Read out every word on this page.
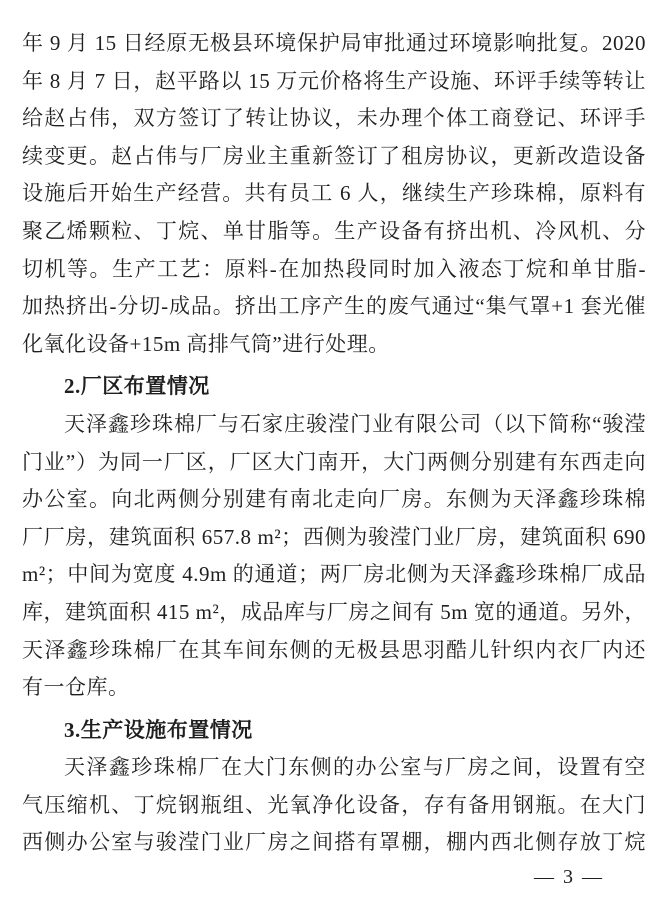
年 9 月 15 日经原无极县环境保护局审批通过环境影响批复。2020
年 8 月 7 日，赵平路以 15 万元价格将生产设施、环评手续等转让
给赵占伟，双方签订了转让协议，未办理个体工商登记、环评手
续变更。赵占伟与厂房业主重新签订了租房协议，更新改造设备
设施后开始生产经营。共有员工 6 人，继续生产珍珠棉，原料有
聚乙烯颗粒、丁烷、单甘脂等。生产设备有挤出机、冷风机、分
切机等。生产工艺：原料-在加热段同时加入液态丁烷和单甘脂-
加热挤出-分切-成品。挤出工序产生的废气通过“集气罩+1 套光催
化氧化设备+15m 高排气筒”进行处理。
2.厂区布置情况
天泽鑫珍珠棉厂与石家庄骏滢门业有限公司（以下简称“骏滢
门业”）为同一厂区，厂区大门南开，大门两侧分别建有东西走向
办公室。向北两侧分别建有南北走向厂房。东侧为天泽鑫珍珠棉
厂厂房，建筑面积 657.8 m²；西侧为骏滢门业厂房，建筑面积 690
m²；中间为宽度 4.9m 的通道；两厂房北侧为天泽鑫珍珠棉厂成品
库，建筑面积 415 m²，成品库与厂房之间有 5m 宽的通道。另外，
天泽鑫珍珠棉厂在其车间东侧的无极县思羽酷儿针织内衣厂内还
有一仓库。
3.生产设施布置情况
天泽鑫珍珠棉厂在大门东侧的办公室与厂房之间，设置有空
气压缩机、丁烷钢瓶组、光氧净化设备，存有备用钢瓶。在大门
西侧办公室与骏滢门业厂房之间搭有罩棚，棚内西北侧存放丁烷
— 3 —
